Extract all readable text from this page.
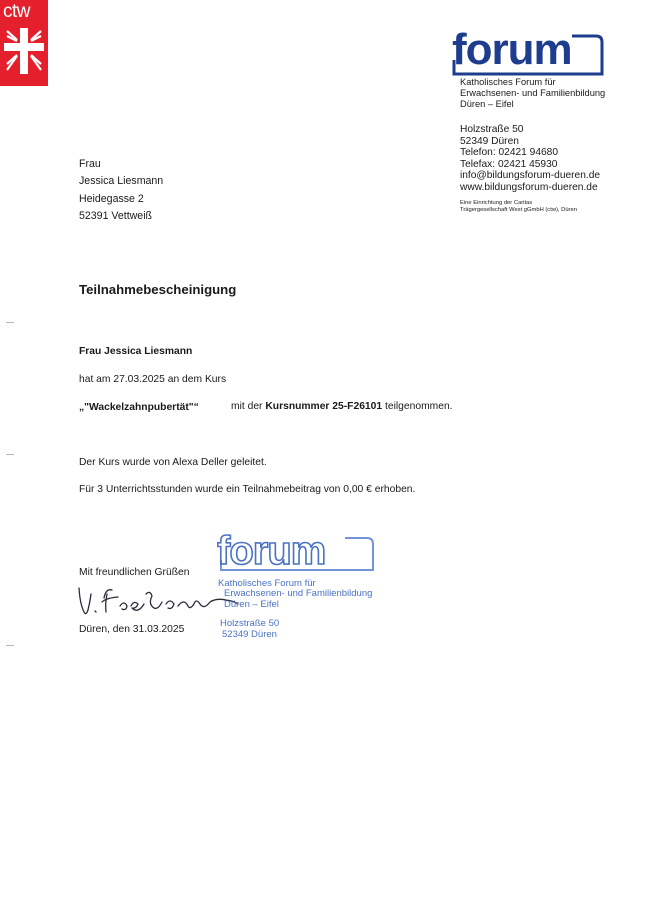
ctw
forum
Katholisches Forum für
Erwachsenen- und Familienbildung
Düren – Eifel
Holzstraße 50
52349 Düren
Telefon: 02421 94680
Telefax: 02421 45930
info@bildungsforum-dueren.de
www.bildungsforum-dueren.de
Eine Einrichtung der Caritas
Trägergesellschaft West gGmbH (ctw), Düren
Frau
Jessica Liesmann
Heidegasse 2
52391 Vettweiß
Teilnahmebescheinigung
Frau Jessica Liesmann
hat am 27.03.2025 an dem Kurs
„"Wackelzahnpubertät"“	mit der Kursnummer 25-F26101 teilgenommen.
Der Kurs wurde von Alexa Deller geleitet.
Für 3 Unterrichtsstunden wurde ein Teilnahmebeitrag von 0,00 € erhoben.
Mit freundlichen Grüßen
Düren, den 31.03.2025
forum
Katholisches Forum für
Erwachsenen- und Familienbildung
Düren – Eifel
Holzstraße 50
52349 Düren
